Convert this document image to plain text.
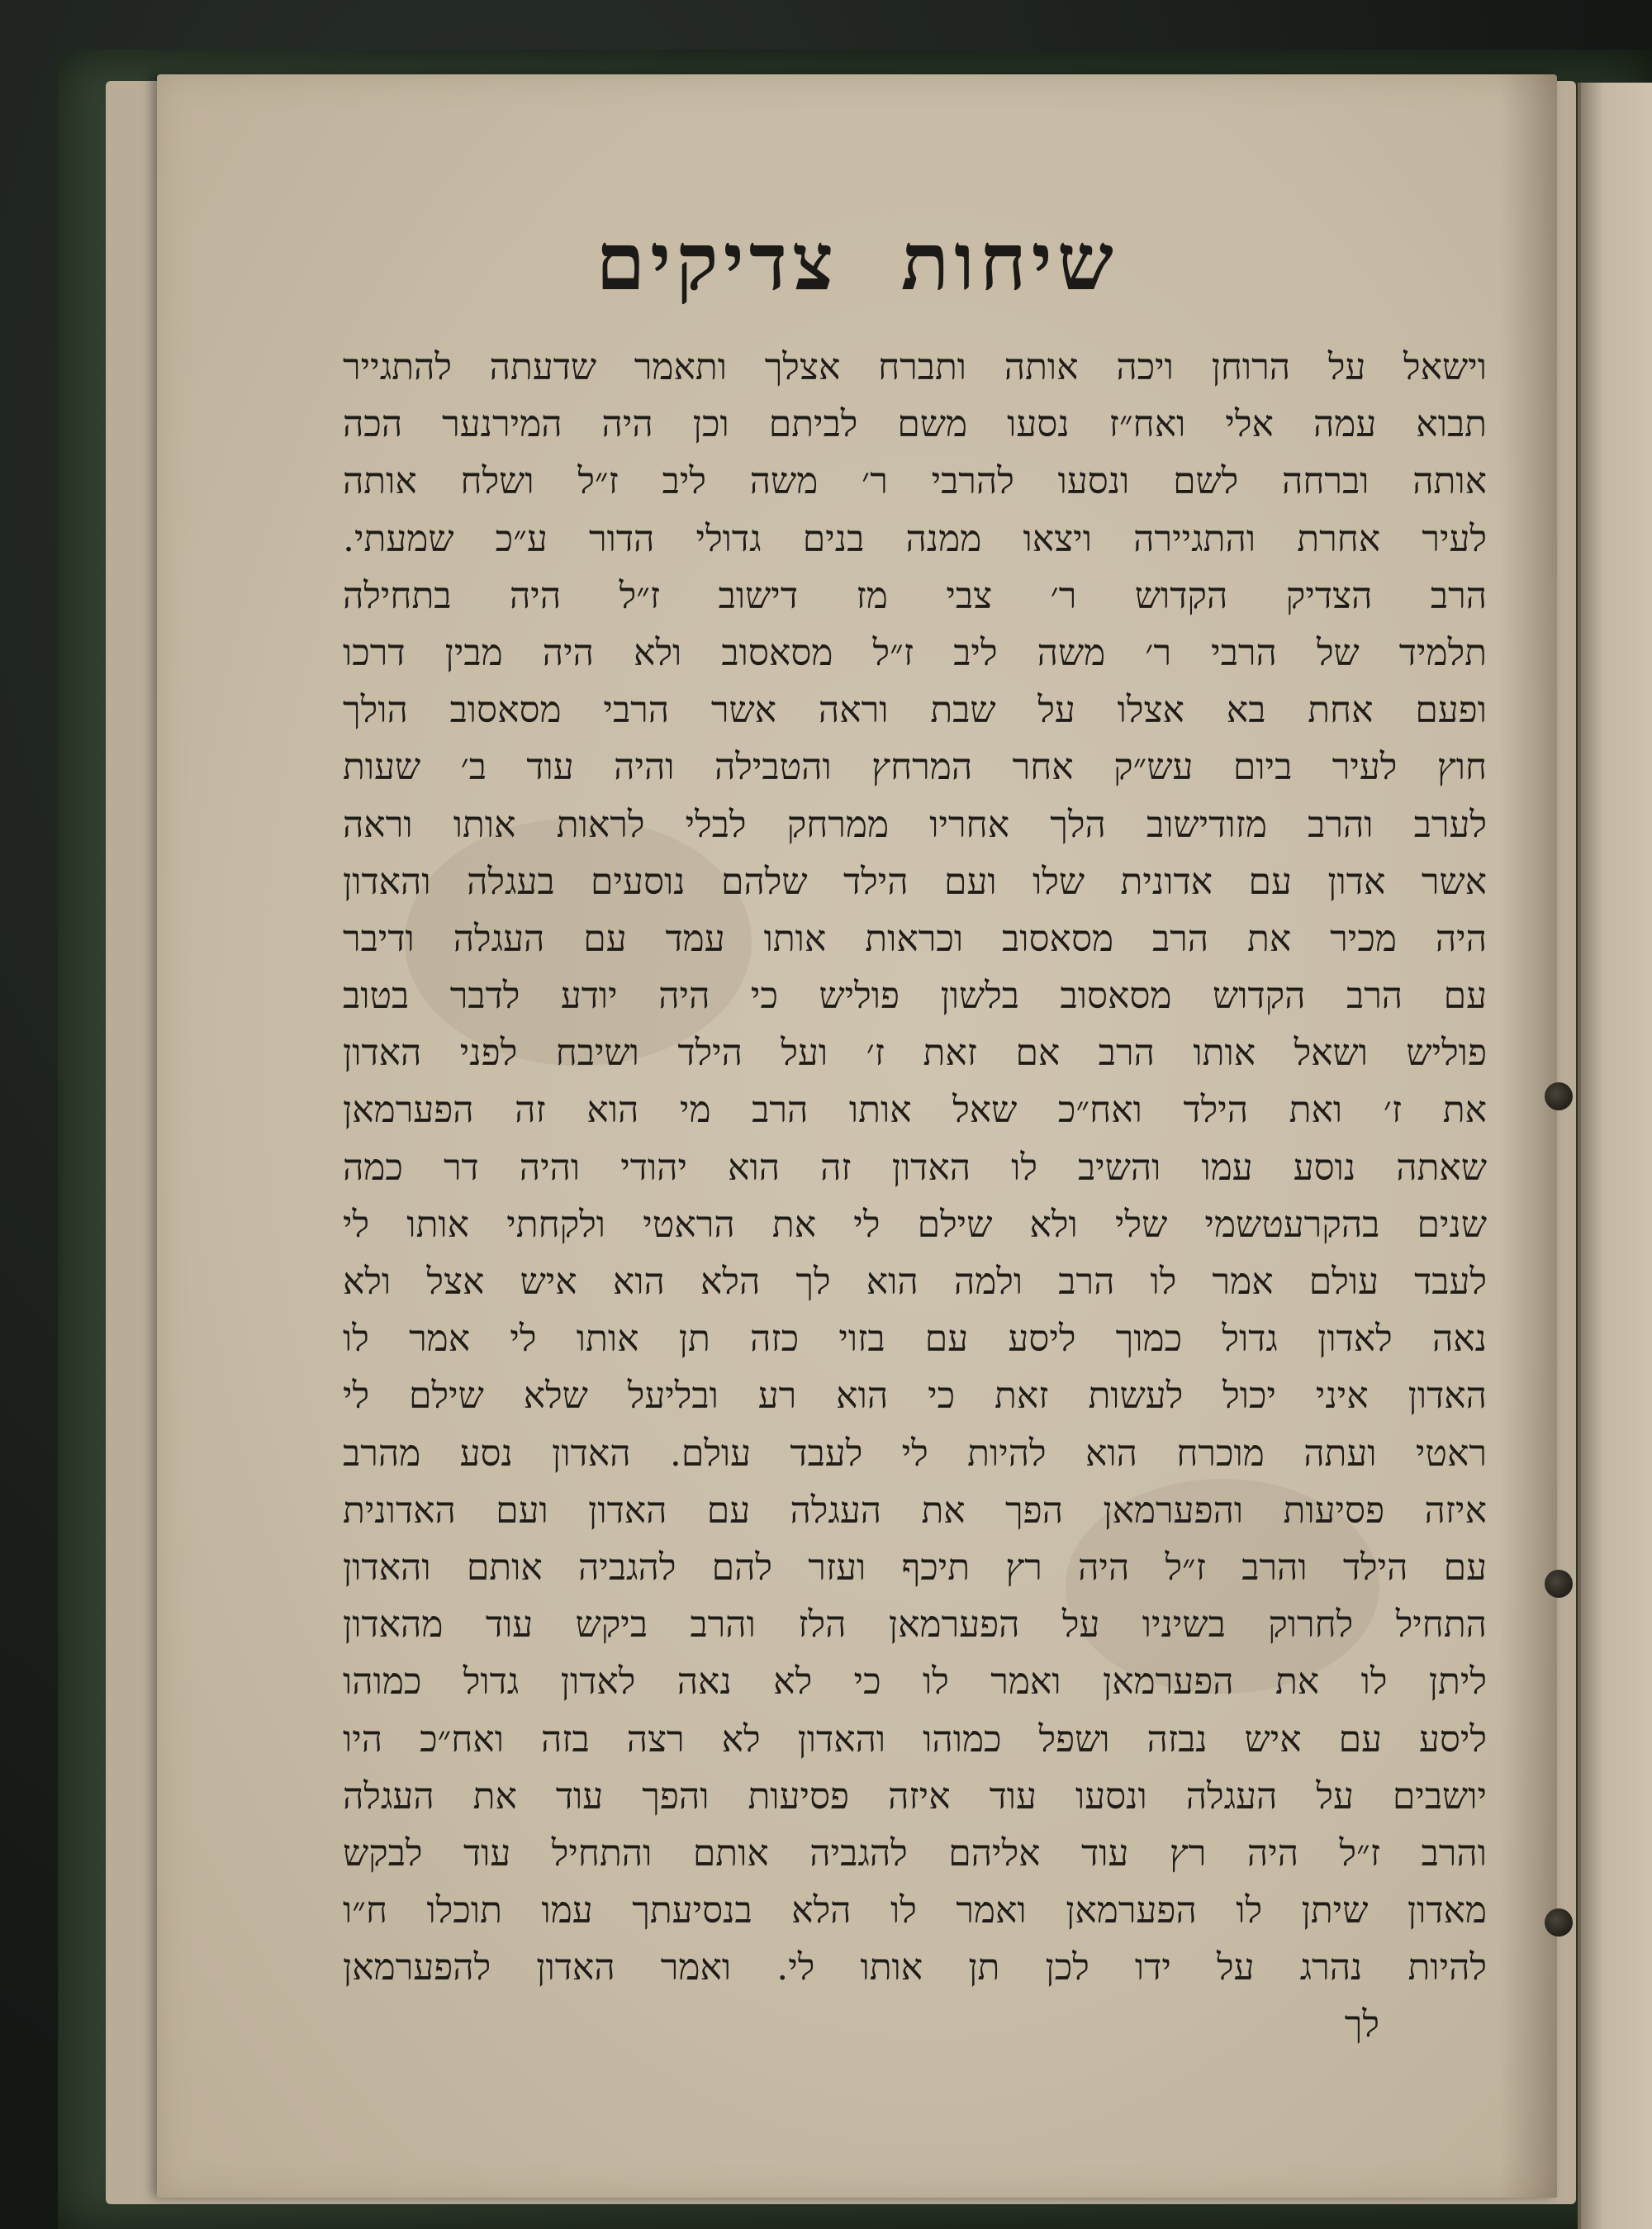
שיחות צדיקים
וישאל על הרוחן ויכה אותה ותברח אצלך ותאמר שדעתה להתגייר
תבוא עמה אלי ואח״ז נסעו משם לביתם וכן היה המירנער הכה
אותה וברחה לשם ונסעו להרבי ר׳ משה ליב ז״ל ושלח אותה
לעיר אחרת והתגיירה ויצאו ממנה בנים גדולי הדור ע״כ שמעתי.
הרב הצדיק הקדוש ר׳ צבי מז דישוב ז״ל היה בתחילה
תלמיד של הרבי ר׳ משה ליב ז״ל מסאסוב ולא היה מבין דרכו
ופעם אחת בא אצלו על שבת וראה אשר הרבי מסאסוב הולך
חוץ לעיר ביום עש״ק אחר המרחץ והטבילה והיה עוד ב׳ שעות
לערב והרב מזודישוב הלך אחריו ממרחק לבלי לראות אותו וראה
אשר אדון עם אדונית שלו ועם הילד שלהם נוסעים בעגלה והאדון
היה מכיר את הרב מסאסוב וכראות אותו עמד עם העגלה ודיבר
עם הרב הקדוש מסאסוב בלשון פוליש כי היה יודע לדבר בטוב
פוליש ושאל אותו הרב אם זאת ז׳ ועל הילד ושיבח לפני האדון
את ז׳ ואת הילד ואח״כ שאל אותו הרב מי הוא זה הפערמאן
שאתה נוסע עמו והשיב לו האדון זה הוא יהודי והיה דר כמה
שנים בהקרעטשמי שלי ולא שילם לי את הראטי ולקחתי אותו לי
לעבד עולם אמר לו הרב ולמה הוא לך הלא הוא איש אצל ולא
נאה לאדון גדול כמוך ליסע עם בזוי כזה תן אותו לי אמר לו
האדון איני יכול לעשות זאת כי הוא רע ובליעל שלא שילם לי
ראטי ועתה מוכרח הוא להיות לי לעבד עולם. האדון נסע מהרב
איזה פסיעות והפערמאן הפך את העגלה עם האדון ועם האדונית
עם הילד והרב ז״ל היה רץ תיכף ועזר להם להגביה אותם והאדון
התחיל לחרוק בשיניו על הפערמאן הלז והרב ביקש עוד מהאדון
ליתן לו את הפערמאן ואמר לו כי לא נאה לאדון גדול כמוהו
ליסע עם איש נבזה ושפל כמוהו והאדון לא רצה בזה ואח״כ היו
יושבים על העגלה ונסעו עוד איזה פסיעות והפך עוד את העגלה
והרב ז״ל היה רץ עוד אליהם להגביה אותם והתחיל עוד לבקש
מאדון שיתן לו הפערמאן ואמר לו הלא בנסיעתך עמו תוכלו ח״ו
להיות נהרג על ידו לכן תן אותו לי. ואמר האדון להפערמאן
לך
